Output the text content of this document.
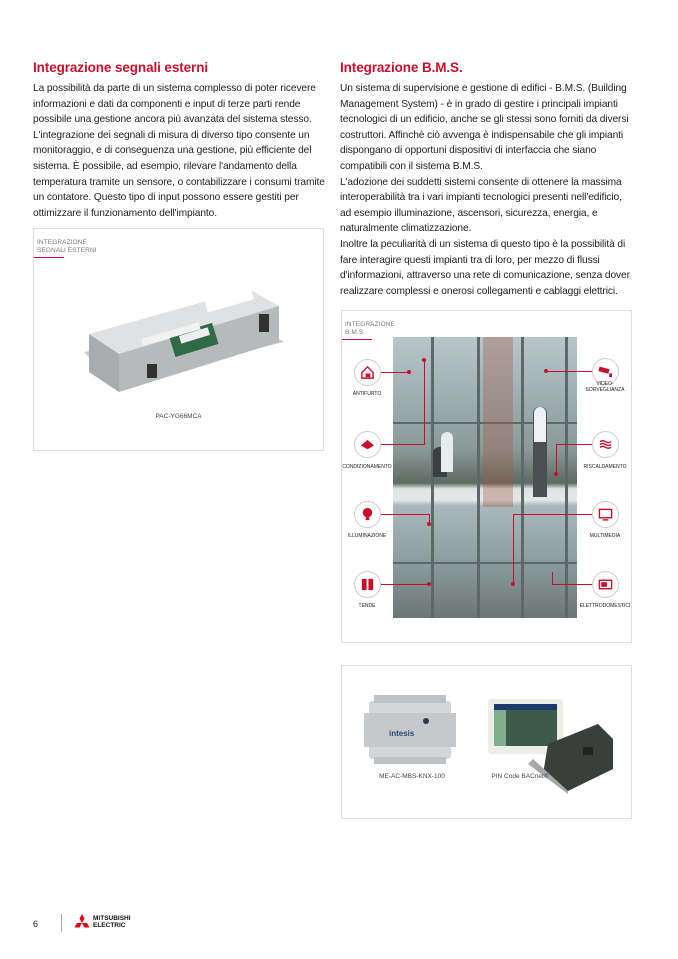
Integrazione segnali esterni

La possibilità da parte di un sistema complesso di poter ricevere informazioni e dati da componenti e input di terze parti rende possibile una gestione ancora più avanzata del sistema stesso. L'integrazione dei segnali di misura di diverso tipo consente un monitoraggio, e di conseguenza una gestione, più efficiente del sistema. È possibile, ad esempio, rilevare l'andamento della temperatura tramite un sensore, o contabilizzare i consumi tramite un contatore. Questo tipo di input possono essere gestiti per ottimizzare il funzionamento dell'impianto.

INTEGRAZIONE
SEGNALI ESTERNI
PAC-YG66MCA
Integrazione B.M.S.

Un sistema di supervisione e gestione di edifici - B.M.S. (Building Management System) - è in grado di gestire i principali impianti tecnologici di un edificio, anche se gli stessi sono forniti da diversi costruttori. Affinchè ciò avvenga è indispensabile che gli impianti dispongano di opportuni dispositivi di interfaccia che siano compatibili con il sistema B.M.S.

L'adozione dei suddetti sistemi consente di ottenere la massima interoperabilità tra i vari impianti tecnologici presenti nell'edificio, ad esempio illuminazione, ascensori, sicurezza, energia, e naturalmente climatizzazione.

Inoltre la peculiarità di un sistema di questo tipo è la possibilità di fare interagire questi impianti tra di loro, per mezzo di flussi d'informazioni, attraverso una rete di comunicazione, senza dover realizzare complessi e onerosi collegamenti e cablaggi elettrici.

INTEGRAZIONE
B.M.S.
ANTIFURTO
CONDIZIONAMENTO
ILLUMINAZIONE
TENDE
VIDEO-
SORVEGLIANZA
RISCALDAMENTO
MULTIMEDIA
ELETTRODOMESTICI
intesis
ME-AC-MBS-KNX-100	PIN Code BACnet®
6
MITSUBISHI
ELECTRIC
